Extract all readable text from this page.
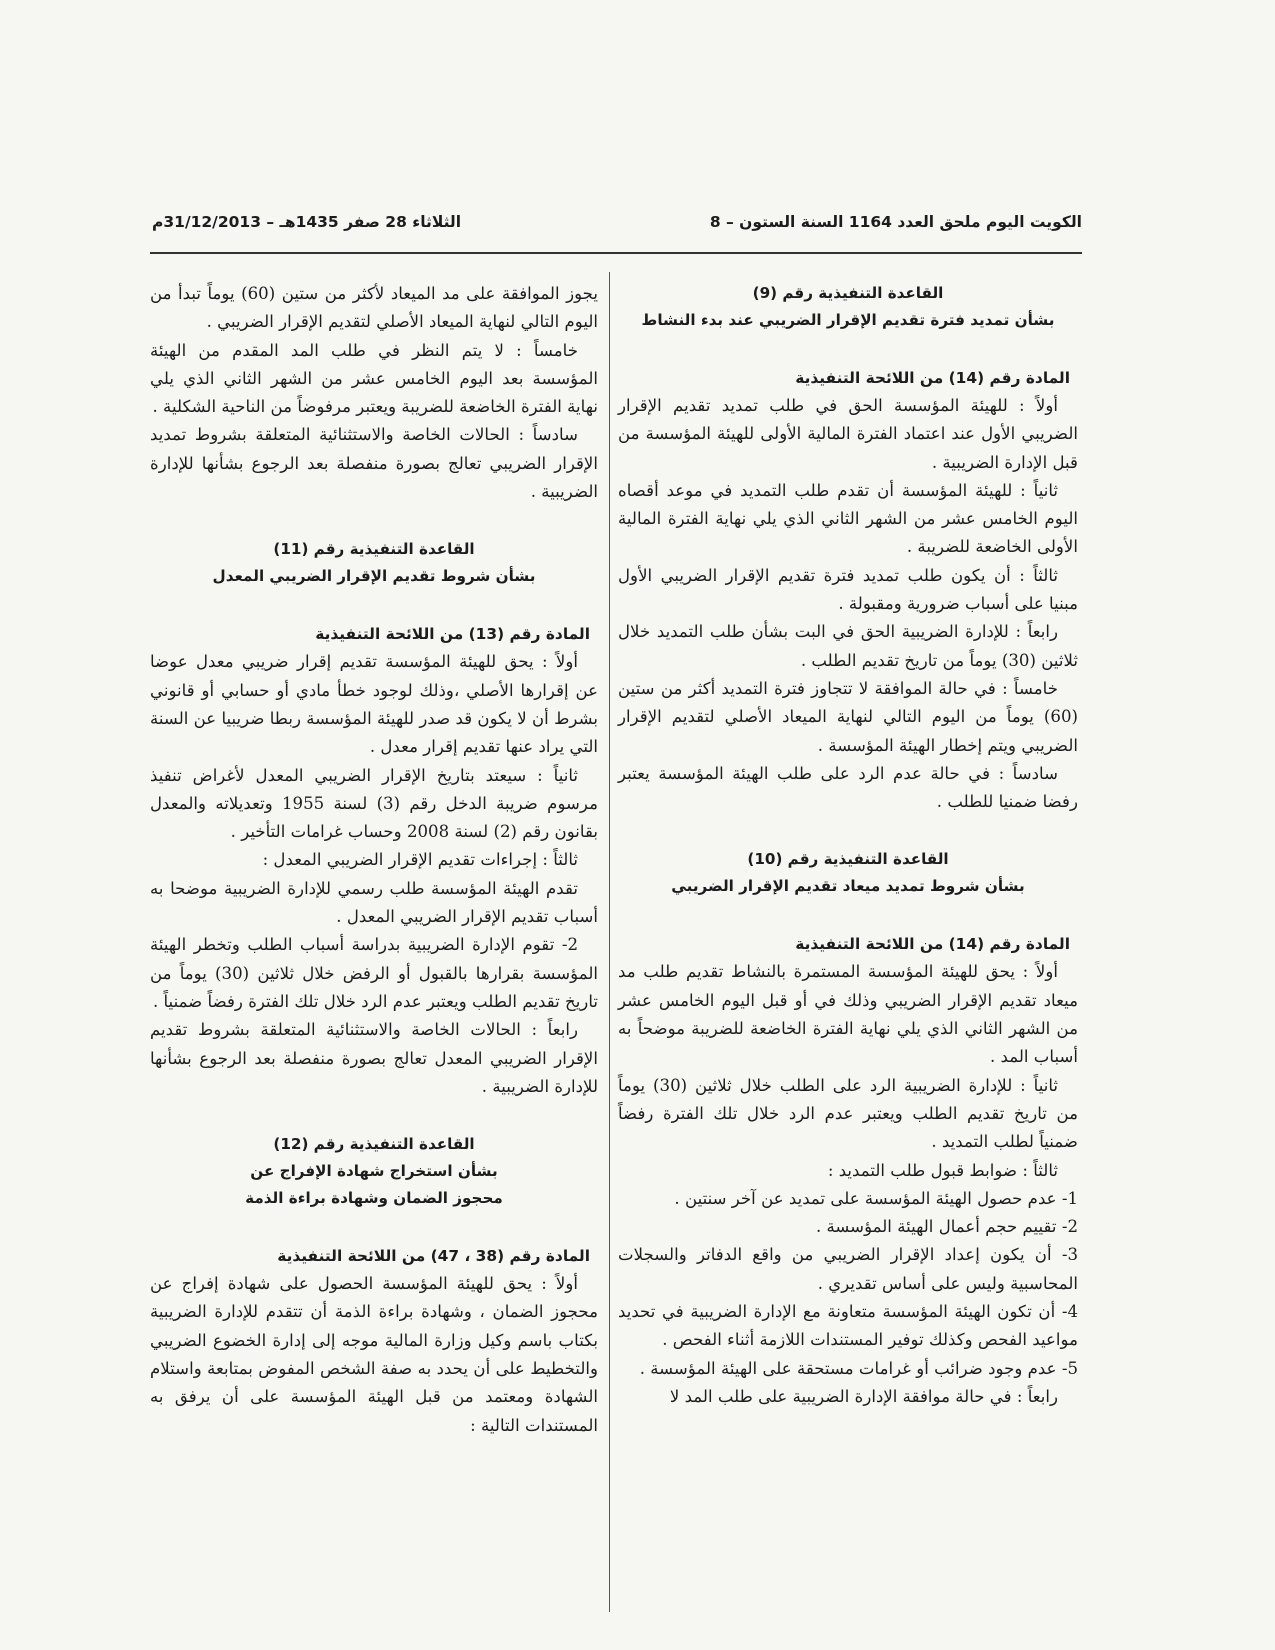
الكويت اليوم ملحق العدد 1164 السنة الستون – 8
الثلاثاء 28 صفر 1435هـ – 31/12/2013م

القاعدة التنفيذية رقم (9)

بشأن تمديد فترة تقديم الإقرار الضريبي عند بدء النشاط

المادة رقم (14) من اللائحة التنفيذية

أولاً : للهيئة المؤسسة الحق في طلب تمديد تقديم الإقرار الضريبي الأول عند اعتماد الفترة المالية الأولى للهيئة المؤسسة من قبل الإدارة الضريبية .

ثانياً : للهيئة المؤسسة أن تقدم طلب التمديد في موعد أقصاه اليوم الخامس عشر من الشهر الثاني الذي يلي نهاية الفترة المالية الأولى الخاضعة للضريبة .

ثالثاً : أن يكون طلب تمديد فترة تقديم الإقرار الضريبي الأول مبنيا على أسباب ضرورية ومقبولة .

رابعاً : للإدارة الضريبية الحق في البت بشأن طلب التمديد خلال ثلاثين (30) يوماً من تاريخ تقديم الطلب .

خامساً : في حالة الموافقة لا تتجاوز فترة التمديد أكثر من ستين (60) يوماً من اليوم التالي لنهاية الميعاد الأصلي لتقديم الإقرار الضريبي ويتم إخطار الهيئة المؤسسة .

سادساً : في حالة عدم الرد على طلب الهيئة المؤسسة يعتبر رفضا ضمنيا للطلب .

القاعدة التنفيذية رقم (10)

بشأن شروط تمديد ميعاد تقديم الإقرار الضريبي

المادة رقم (14) من اللائحة التنفيذية

أولاً : يحق للهيئة المؤسسة المستمرة بالنشاط تقديم طلب مد ميعاد تقديم الإقرار الضريبي وذلك في أو قبل اليوم الخامس عشر من الشهر الثاني الذي يلي نهاية الفترة الخاضعة للضريبة موضحاً به أسباب المد .

ثانياً : للإدارة الضريبية الرد على الطلب خلال ثلاثين (30) يوماً من تاريخ تقديم الطلب ويعتبر عدم الرد خلال تلك الفترة رفضاً ضمنياً لطلب التمديد .

ثالثاً : ضوابط قبول طلب التمديد :

1- عدم حصول الهيئة المؤسسة على تمديد عن آخر سنتين .

2- تقييم حجم أعمال الهيئة المؤسسة .

3- أن يكون إعداد الإقرار الضريبي من واقع الدفاتر والسجلات المحاسبية وليس على أساس تقديري .

4- أن تكون الهيئة المؤسسة متعاونة مع الإدارة الضريبية في تحديد مواعيد الفحص وكذلك توفير المستندات اللازمة أثناء الفحص .

5- عدم وجود ضرائب أو غرامات مستحقة على الهيئة المؤسسة .

رابعاً : في حالة موافقة الإدارة الضريبية على طلب المد لا

يجوز الموافقة على مد الميعاد لأكثر من ستين (60) يوماً تبدأ من اليوم التالي لنهاية الميعاد الأصلي لتقديم الإقرار الضريبي .

خامساً : لا يتم النظر في طلب المد المقدم من الهيئة المؤسسة بعد اليوم الخامس عشر من الشهر الثاني الذي يلي نهاية الفترة الخاضعة للضريبة ويعتبر مرفوضاً من الناحية الشكلية .

سادساً : الحالات الخاصة والاستثنائية المتعلقة بشروط تمديد الإقرار الضريبي تعالج بصورة منفصلة بعد الرجوع بشأنها للإدارة الضريبية .

القاعدة التنفيذية رقم (11)

بشأن شروط تقديم الإقرار الضريبي المعدل

المادة رقم (13) من اللائحة التنفيذية

أولاً : يحق للهيئة المؤسسة تقديم إقرار ضريبي معدل عوضا عن إقرارها الأصلي ،وذلك لوجود خطأ مادي أو حسابي أو قانوني بشرط أن لا يكون قد صدر للهيئة المؤسسة ربطا ضريبيا عن السنة التي يراد عنها تقديم إقرار معدل .

ثانياً : سيعتد بتاريخ الإقرار الضريبي المعدل لأغراض تنفيذ مرسوم ضريبة الدخل رقم (3) لسنة 1955 وتعديلاته والمعدل بقانون رقم (2) لسنة 2008 وحساب غرامات التأخير .

ثالثاً : إجراءات تقديم الإقرار الضريبي المعدل :

تقدم الهيئة المؤسسة طلب رسمي للإدارة الضريبية موضحا به أسباب تقديم الإقرار الضريبي المعدل .

2- تقوم الإدارة الضريبية بدراسة أسباب الطلب وتخطر الهيئة المؤسسة بقرارها بالقبول أو الرفض خلال ثلاثين (30) يوماً من تاريخ تقديم الطلب ويعتبر عدم الرد خلال تلك الفترة رفضاً ضمنياً .

رابعاً : الحالات الخاصة والاستثنائية المتعلقة بشروط تقديم الإقرار الضريبي المعدل تعالج بصورة منفصلة بعد الرجوع بشأنها للإدارة الضريبية .

القاعدة التنفيذية رقم (12)

بشأن استخراج شهادة الإفراج عن

محجوز الضمان وشهادة براءة الذمة

المادة رقم (38 ، 47) من اللائحة التنفيذية

أولاً : يحق للهيئة المؤسسة الحصول على شهادة إفراج عن محجوز الضمان ، وشهادة براءة الذمة أن تتقدم للإدارة الضريبية بكتاب باسم وكيل وزارة المالية موجه إلى إدارة الخضوع الضريبي والتخطيط على أن يحدد به صفة الشخص المفوض بمتابعة واستلام الشهادة ومعتمد من قبل الهيئة المؤسسة على أن يرفق به المستندات التالية :
